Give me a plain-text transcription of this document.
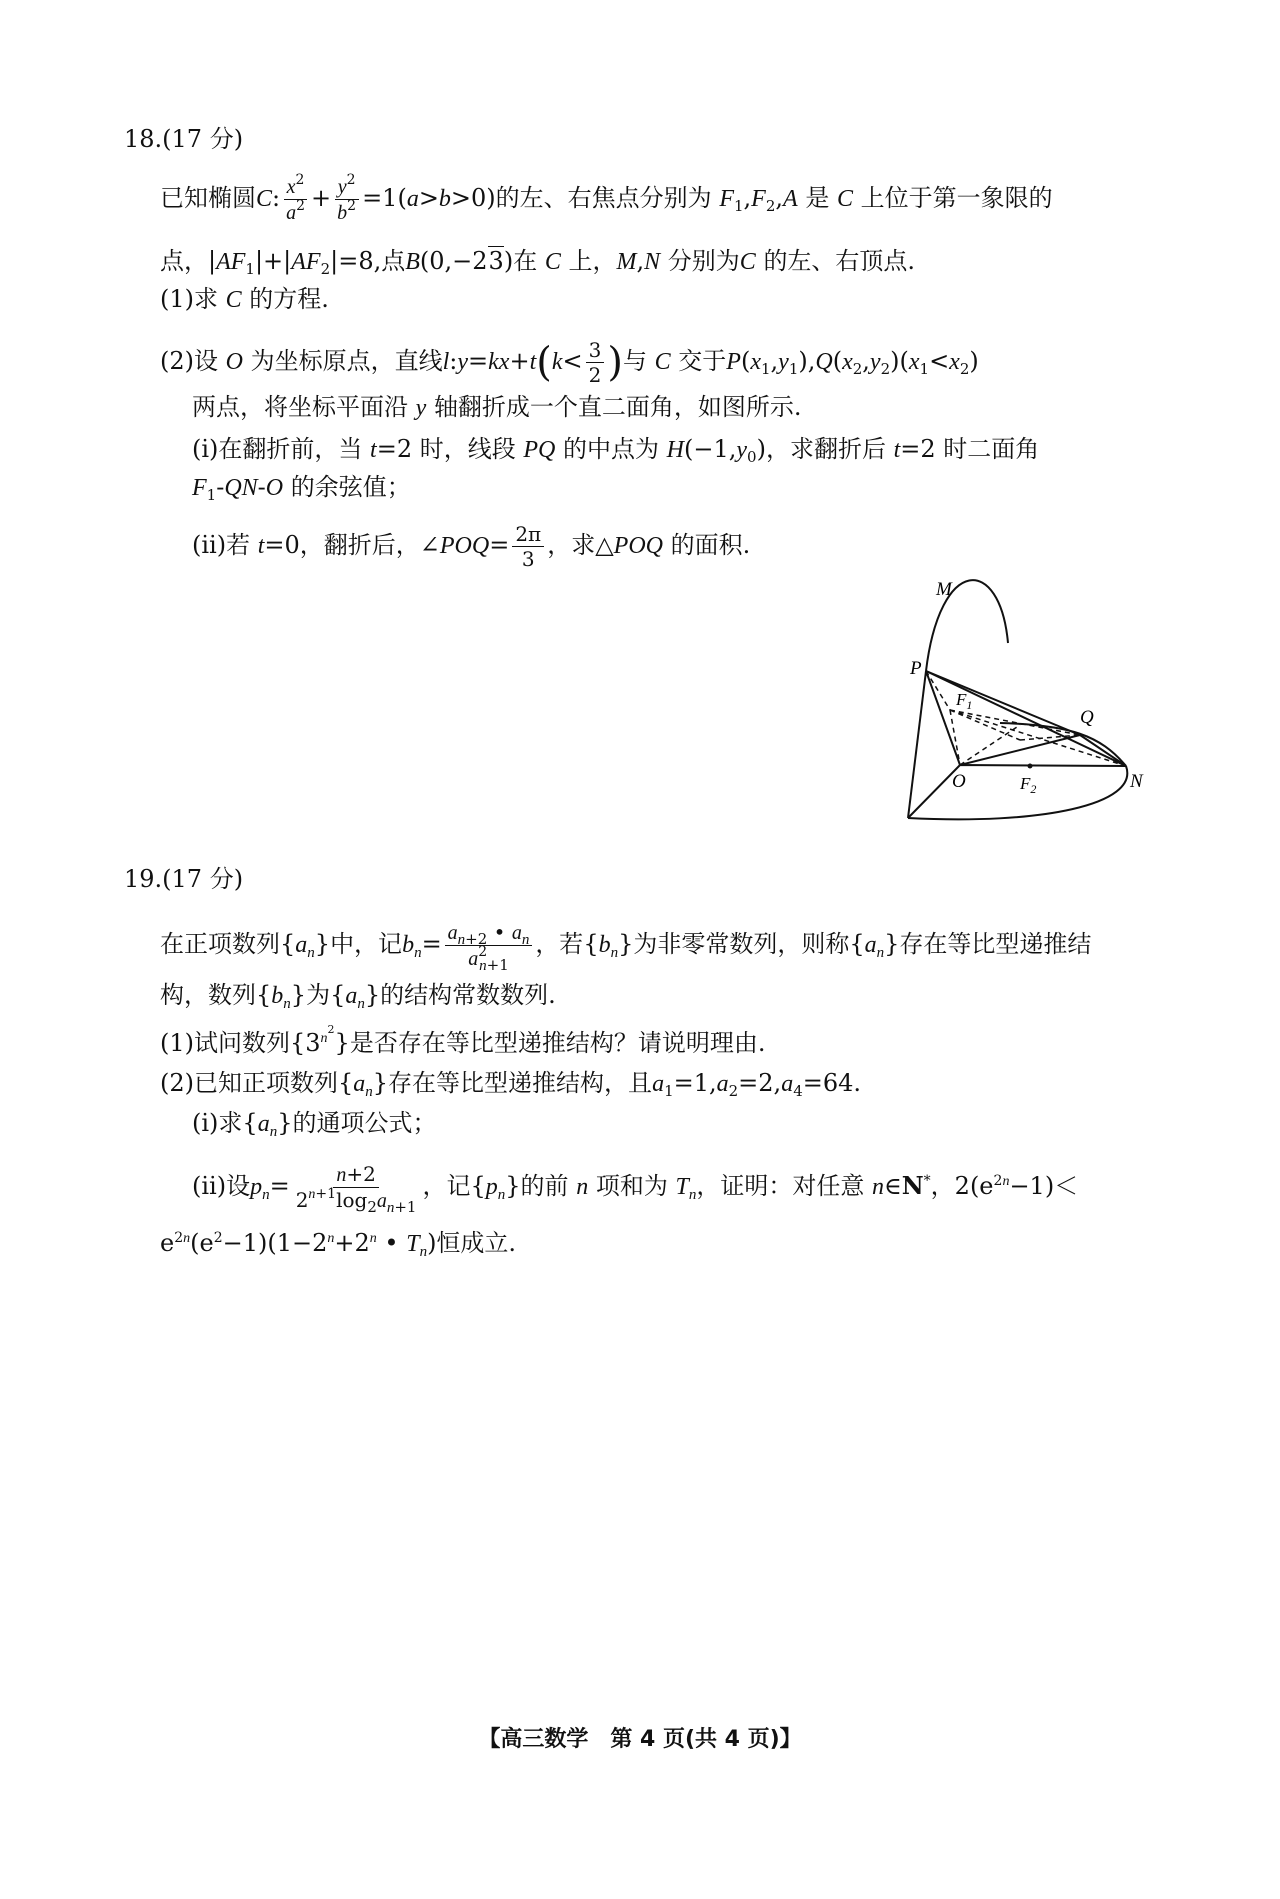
18.(17 分)
已知椭圆C: $\frac{x^2}{a^2} + \frac{y^2}{b^2} =1(a>b>0)$的左、右焦点分别为 $F_1,F_2,A$ 是 C 上位于第一象限的
点，$|AF_1|+|AF_2|=8$,点B(0,−23)在 C 上，M,N 分别为C 的左、右顶点.
(1)求 C 的方程.
(2)设 O 为坐标原点，直线l:y=kx+t(k< $\frac{3}{2}$ )与 C 交于$P(x_1,y_1),Q(x_2,y_2)(x_1<x_2)$
两点，将坐标平面沿 y 轴翻折成一个直二面角，如图所示.
(ⅰ)在翻折前，当 t=2 时，线段 PQ 的中点为 $H(-1,y_0)$，求翻折后 t=2 时二面角
$F_1-QN-O$ 的余弦值；
(ⅱ)若 t=0，翻折后，∠POQ= $\frac{2\pi}{3}$ ，求△POQ 的面积.
M
P
$F_1$
Q
O	$F_2$	N
19.(17 分)
在正项数列$\{a_n\}$中，记$b_n= \frac{a_{n+2} • a_n}{a^2_{n+1}}$ ，若$\{b_n\}$为非零常数列，则称$\{a_n\}$存在等比型递推结
构，数列$\{b_n\}$为$\{a_n\}$的结构常数数列.
(1)试问数列$\{3^{n^2}\}$是否存在等比型递推结构？请说明理由.
(2)已知正项数列$\{a_n\}$存在等比型递推结构，且$a_1=1,a_2=2,a_4=64$.
(ⅰ)求$\{a_n\}$的通项公式；
(ⅱ)设$p_n= \frac{n+2}{2^{n+1}\log_2a_{n+1}}$ ，记$\{p_n\}$的前 n 项和为 $T_n$，证明：对任意 n∈N*，$2(e^{2n}-1)<$
$e^{2n}(e^2-1)(1-2^n+2^n$ • $T_n$)恒成立.
【高三数学　第 4 页(共 4 页)】
